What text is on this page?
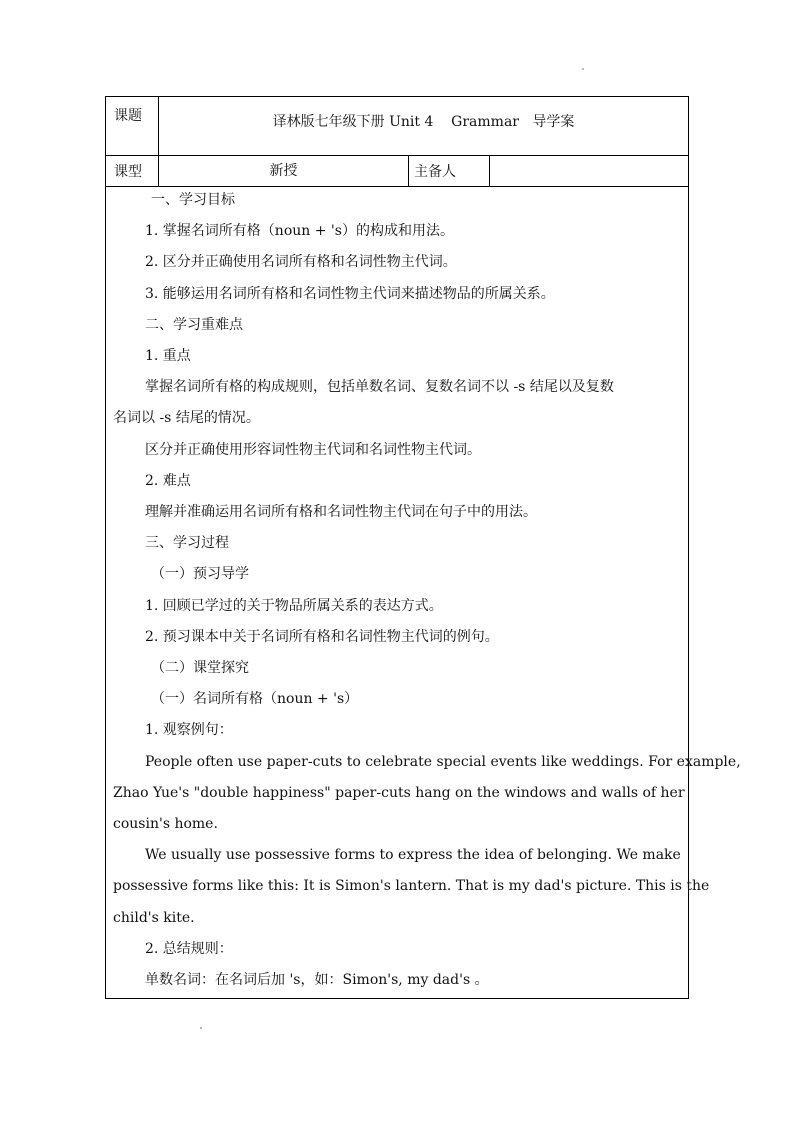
课题	译林版七年级下册 Unit 4    Grammar   导学案
课型	新授	主备人
一、学习目标
1. 掌握名词所有格（noun + 's）的构成和用法。
2. 区分并正确使用名词所有格和名词性物主代词。
3. 能够运用名词所有格和名词性物主代词来描述物品的所属关系。
二、学习重难点
1. 重点
掌握名词所有格的构成规则，包括单数名词、复数名词不以 -s 结尾以及复数
名词以 -s 结尾的情况。
区分并正确使用形容词性物主代词和名词性物主代词。
2. 难点
理解并准确运用名词所有格和名词性物主代词在句子中的用法。
三、学习过程
（一）预习导学
1. 回顾已学过的关于物品所属关系的表达方式。
2. 预习课本中关于名词所有格和名词性物主代词的例句。
（二）课堂探究
（一）名词所有格（noun + 's）
1. 观察例句：
People often use paper-cuts to celebrate special events like weddings. For example,
Zhao Yue's "double happiness" paper-cuts hang on the windows and walls of her
cousin's home.
We usually use possessive forms to express the idea of belonging. We make
possessive forms like this: It is Simon's lantern. That is my dad's picture. This is the
child's kite.
2. 总结规则：
单数名词：在名词后加 's，如：Simon's, my dad's 。
